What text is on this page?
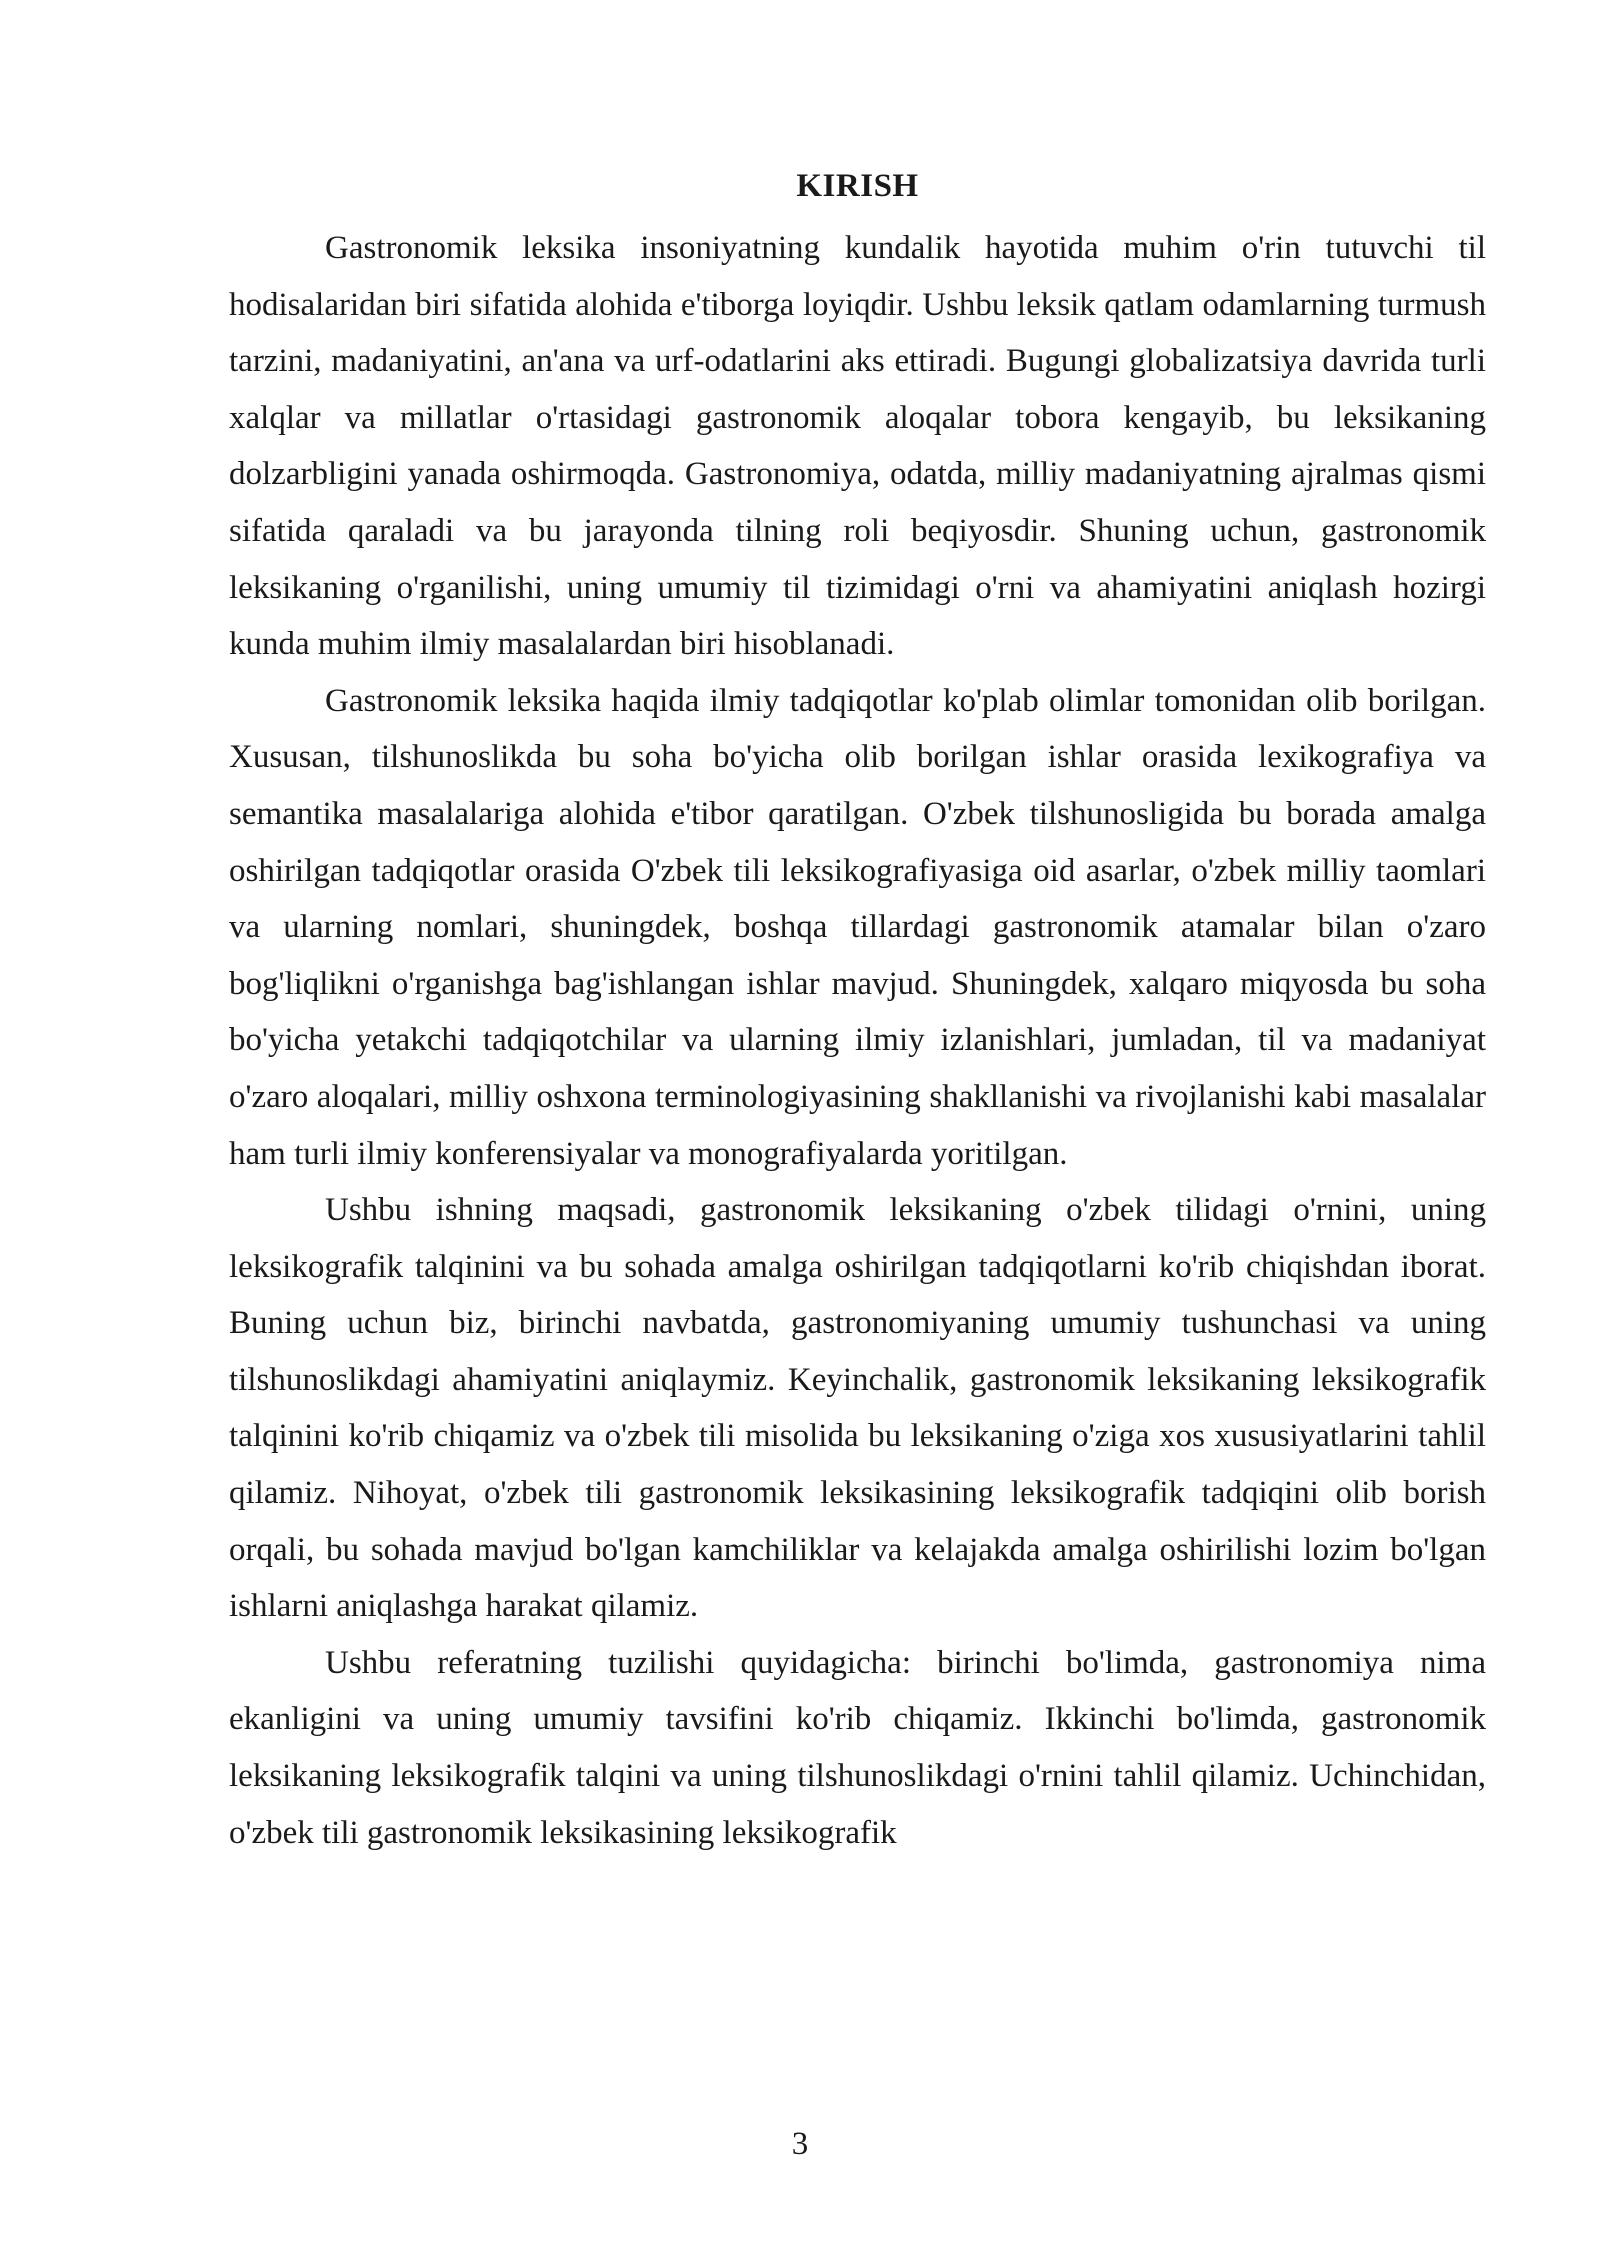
KIRISH

Gastronomik leksika insoniyatning kundalik hayotida muhim o'rin tutuvchi til hodisalaridan biri sifatida alohida e'tiborga loyiqdir. Ushbu leksik qatlam odamlarning turmush tarzini, madaniyatini, an'ana va urf-odatlarini aks ettiradi. Bugungi globalizatsiya davrida turli xalqlar va millatlar o'rtasidagi gastronomik aloqalar tobora kengayib, bu leksikaning dolzarbligini yanada oshirmoqda. Gastronomiya, odatda, milliy madaniyatning ajralmas qismi sifatida qaraladi va bu jarayonda tilning roli beqiyosdir. Shuning uchun, gastronomik leksikaning o'rganilishi, uning umumiy til tizimidagi o'rni va ahamiyatini aniqlash hozirgi kunda muhim ilmiy masalalardan biri hisoblanadi.

Gastronomik leksika haqida ilmiy tadqiqotlar ko'plab olimlar tomonidan olib borilgan. Xususan, tilshunoslikda bu soha bo'yicha olib borilgan ishlar orasida lexikografiya va semantika masalalariga alohida e'tibor qaratilgan. O'zbek tilshunosligida bu borada amalga oshirilgan tadqiqotlar orasida O'zbek tili leksikografiyasiga oid asarlar, o'zbek milliy taomlari va ularning nomlari, shuningdek, boshqa tillardagi gastronomik atamalar bilan o'zaro bog'liqlikni o'rganishga bag'ishlangan ishlar mavjud. Shuningdek, xalqaro miqyosda bu soha bo'yicha yetakchi tadqiqotchilar va ularning ilmiy izlanishlari, jumladan, til va madaniyat o'zaro aloqalari, milliy oshxona terminologiyasining shakllanishi va rivojlanishi kabi masalalar ham turli ilmiy konferensiyalar va monografiyalarda yoritilgan.

Ushbu ishning maqsadi, gastronomik leksikaning o'zbek tilidagi o'rnini, uning leksikografik talqinini va bu sohada amalga oshirilgan tadqiqotlarni ko'rib chiqishdan iborat. Buning uchun biz, birinchi navbatda, gastronomiyaning umumiy tushunchasi va uning tilshunoslikdagi ahamiyatini aniqlaymiz. Keyinchalik, gastronomik leksikaning leksikografik talqinini ko'rib chiqamiz va o'zbek tili misolida bu leksikaning o'ziga xos xususiyatlarini tahlil qilamiz. Nihoyat, o'zbek tili gastronomik leksikasining leksikografik tadqiqini olib borish orqali, bu sohada mavjud bo'lgan kamchiliklar va kelajakda amalga oshirilishi lozim bo'lgan ishlarni aniqlashga harakat qilamiz.

Ushbu referatning tuzilishi quyidagicha: birinchi bo'limda, gastronomiya nima ekanligini va uning umumiy tavsifini ko'rib chiqamiz. Ikkinchi bo'limda, gastronomik leksikaning leksikografik talqini va uning tilshunoslikdagi o'rnini tahlil qilamiz. Uchinchidan, o'zbek tili gastronomik leksikasining leksikografik

3
